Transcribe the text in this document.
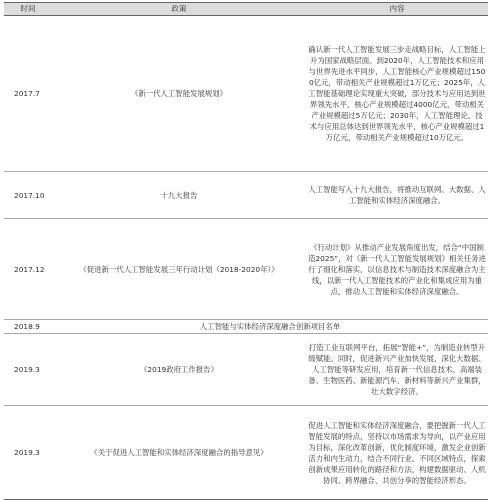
时间	政策	内容
2017.7	《新一代人工智能发展规划》	确认新一代人工智能发展三步走战略目标，人工智能上升为国家战略层面。到2020年，人工智能技术和应用与世界先进水平同步，人工智能核心产业规模超过1500亿元，带动相关产业规模超过1万亿元；2025年，人工智能基础理论实现重大突破，部分技术与应用达到世界领先水平，核心产业规模超过4000亿元，带动相关产业规模超过5万亿元；2030年，人工智能理论、技术与应用总体达到世界领先水平，核心产业规模超过1万亿元，带动相关产业规模超过10万亿元。
2017.10	十九大报告	人工智能写入十九大报告，将推动互联网、大数据、人工智能和实体经济深度融合。
2017.12	《促进新一代人工智能发展三年行动计划（2018-2020年）》	《行动计划》从推动产业发展角度出发，结合“中国制造2025”，对《新一代人工智能发展规划》相关任务进行了细化和落实，以信息技术与制造技术深度融合为主线，以新一代人工智能技术的产业化和集成应用为重点，推动人工智能和实体经济深度融合。
2018.9	人工智能与实体经济深度融合创新项目名单	
2019.3	《2019政府工作报告》	打造工业互联网平台，拓展“智能+”，为制造业转型升级赋能。同时，促进新兴产业加快发展，深化大数据、人工智能等研发应用，培育新一代信息技术、高端装备、生物医药、新能源汽车、新材料等新兴产业集群，壮大数字经济。
2019.3	《关于促进人工智能和实体经济深度融合的指导意见》	促进人工智能和实体经济深度融合，要把握新一代人工智能发展的特点，坚持以市场需求为导向，以产业应用为目标，深化改革创新，优化制度环境，激发企业创新活力和内生动力，结合不同行业、不同区域特点，探索创新成果应用转化的路径和方法，构建数据驱动、人机协同、跨界融合、共创分享的智能经济形态。
